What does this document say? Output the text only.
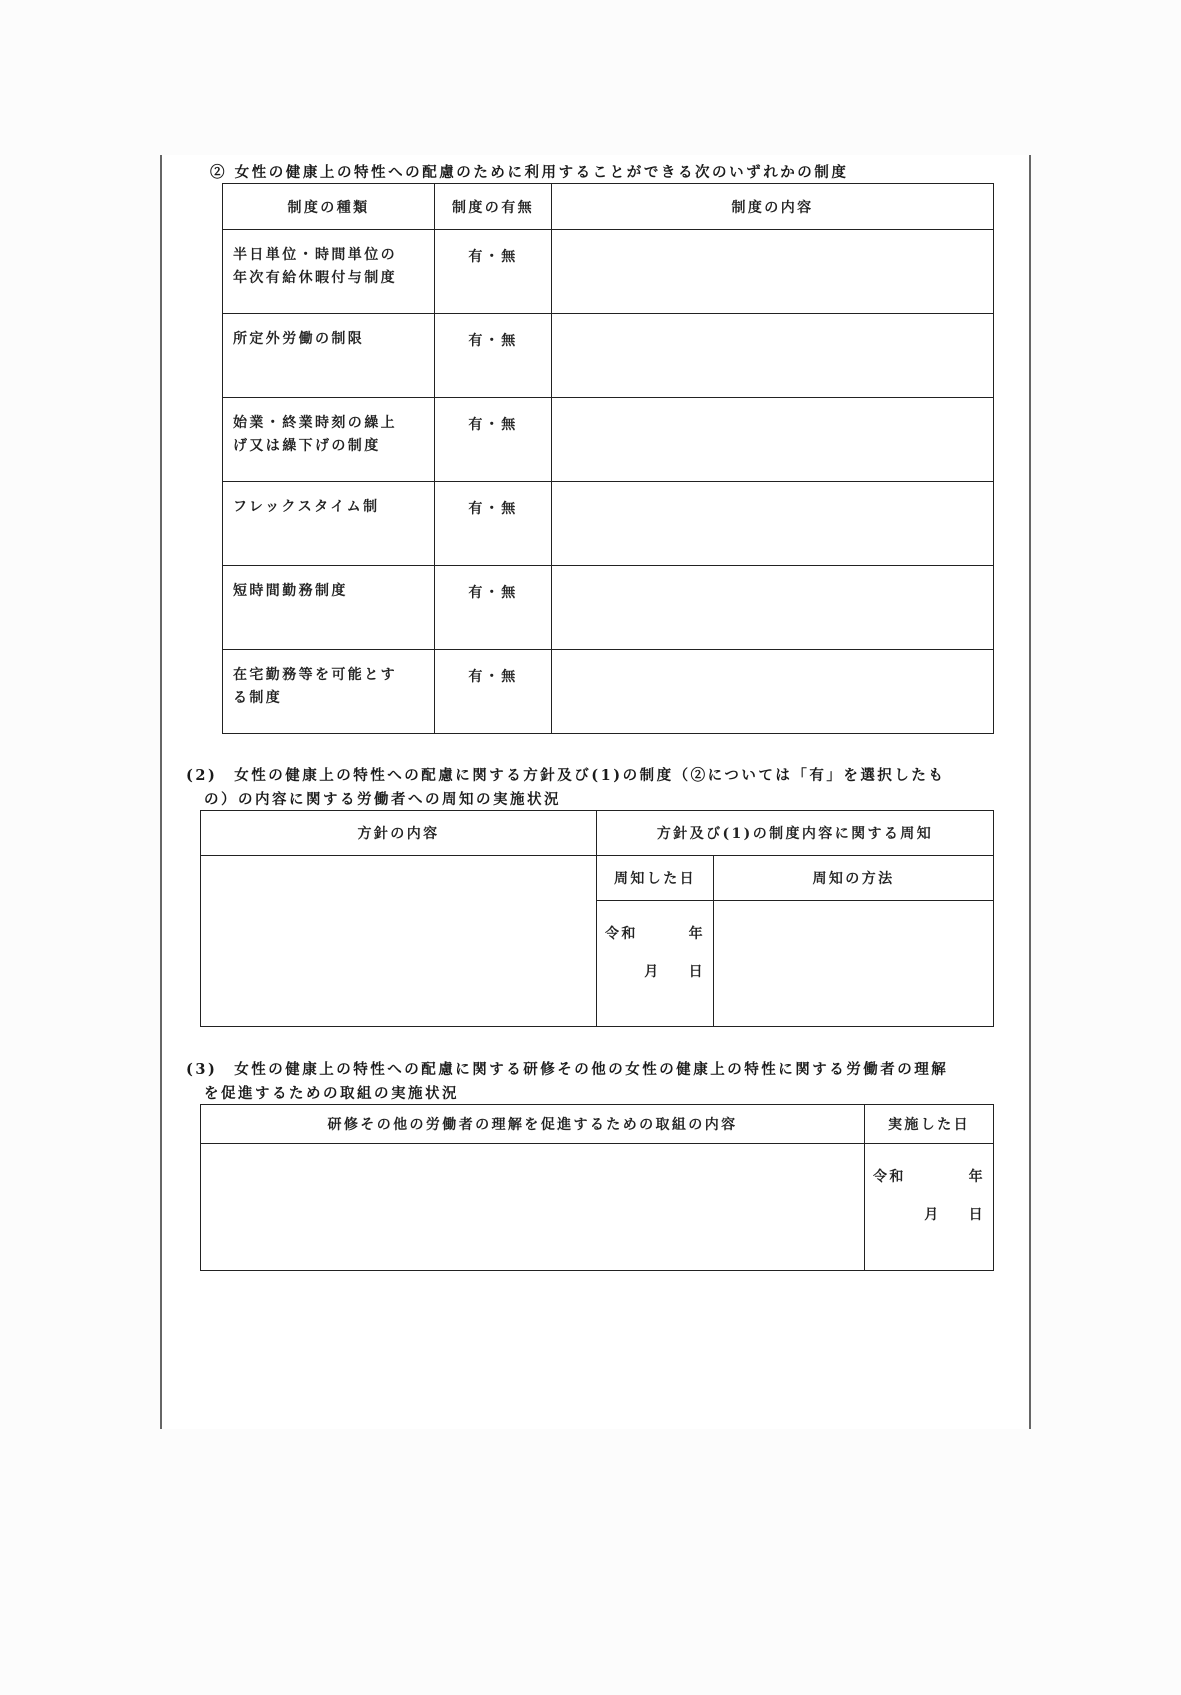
② 女性の健康上の特性への配慮のために利用することができる次のいずれかの制度
制度の種類	制度の有無	制度の内容

半日単位・時間単位の
年次有給休暇付与制度	有・無	

所定外労働の制限	有・無	

始業・終業時刻の繰上
げ又は繰下げの制度	有・無	

フレックスタイム制	有・無	

短時間勤務制度	有・無	

在宅勤務等を可能とす
る制度	有・無	
(2)　女性の健康上の特性への配慮に関する方針及び(1)の制度（②については「有」を選択したも
の）の内容に関する労働者への周知の実施状況
方針の内容	方針及び(1)の制度内容に関する周知	
	周知した日	周知の方法

	令和 年
月 日	

(3)　女性の健康上の特性への配慮に関する研修その他の女性の健康上の特性に関する労働者の理解
を促進するための取組の実施状況
研修その他の労働者の理解を促進するための取組の内容	実施した日

	令和 年
月 日
